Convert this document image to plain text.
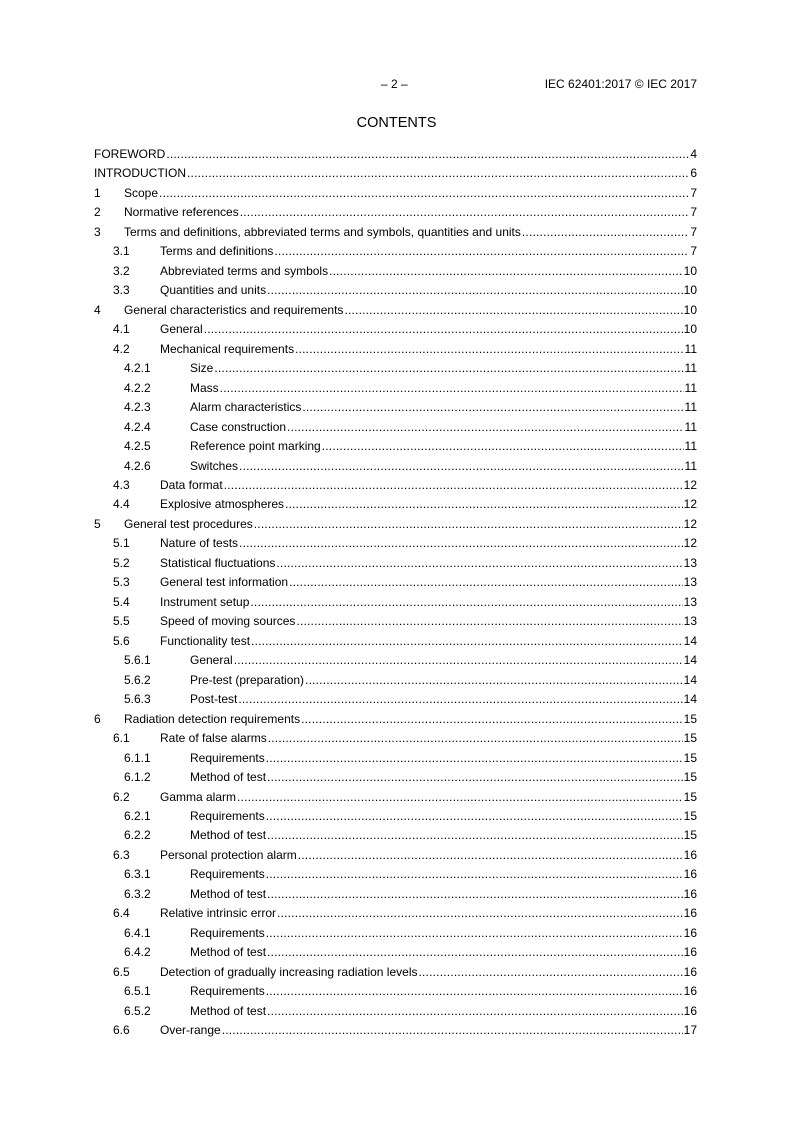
– 2 –	IEC 62401:2017 © IEC 2017
CONTENTS
FOREWORD .....	4
INTRODUCTION .....	6
1 Scope .....	7
2 Normative references .....	7
3 Terms and definitions, abbreviated terms and symbols, quantities and units .....	7
3.1	Terms and definitions .....	7
3.2	Abbreviated terms and symbols .....	10
3.3	Quantities and units .....	10
4 General characteristics and requirements .....	10
4.1	General .....	10
4.2	Mechanical requirements .....	11
4.2.1	Size .....	11
4.2.2	Mass .....	11
4.2.3	Alarm characteristics .....	11
4.2.4	Case construction .....	11
4.2.5	Reference point marking .....	11
4.2.6	Switches .....	11
4.3	Data format .....	12
4.4	Explosive atmospheres .....	12
5 General test procedures .....	12
5.1	Nature of tests .....	12
5.2	Statistical fluctuations .....	13
5.3	General test information .....	13
5.4	Instrument setup .....	13
5.5	Speed of moving sources .....	13
5.6	Functionality test .....	14
5.6.1	General .....	14
5.6.2	Pre-test (preparation) .....	14
5.6.3	Post-test .....	14
6 Radiation detection requirements .....	15
6.1	Rate of false alarms .....	15
6.1.1	Requirements .....	15
6.1.2	Method of test .....	15
6.2	Gamma alarm .....	15
6.2.1	Requirements .....	15
6.2.2	Method of test .....	15
6.3	Personal protection alarm .....	16
6.3.1	Requirements .....	16
6.3.2	Method of test .....	16
6.4	Relative intrinsic error .....	16
6.4.1	Requirements .....	16
6.4.2	Method of test .....	16
6.5	Detection of gradually increasing radiation levels .....	16
6.5.1	Requirements .....	16
6.5.2	Method of test .....	16
6.6	Over-range .....	17
